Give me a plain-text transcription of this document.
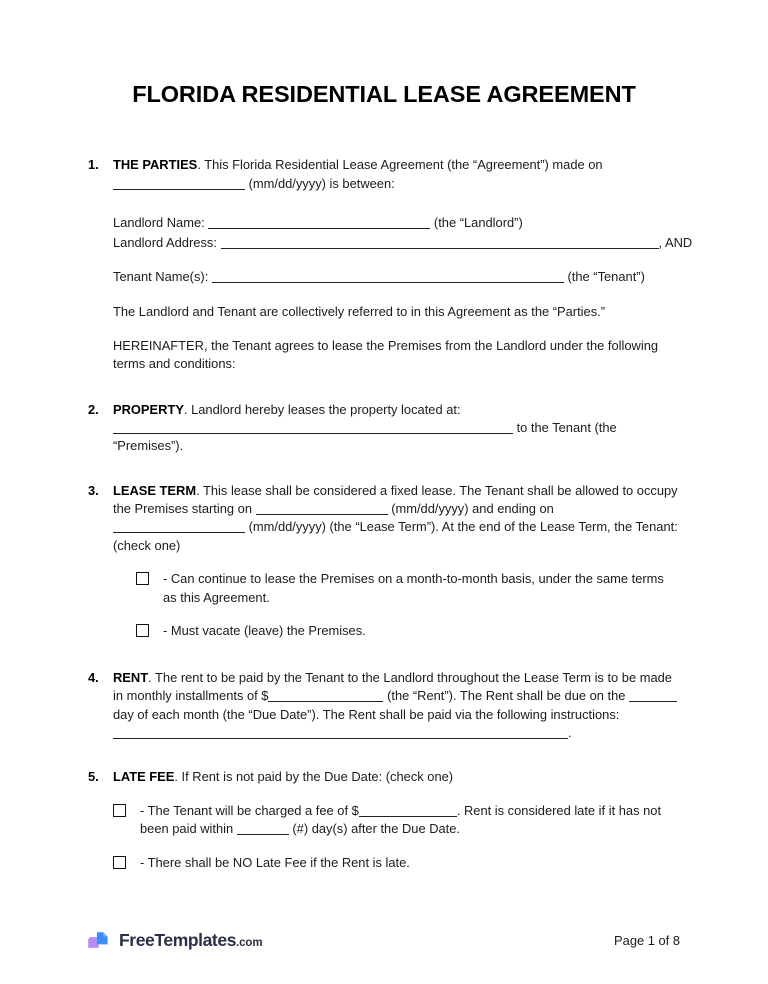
FLORIDA RESIDENTIAL LEASE AGREEMENT
1. THE PARTIES. This Florida Residential Lease Agreement (the “Agreement”) made on
(mm/dd/yyyy) is between:

Landlord Name:	(the “Landlord”)
Landlord Address:	, AND
Tenant Name(s):	(the “Tenant”)

The Landlord and Tenant are collectively referred to in this Agreement as the “Parties.”

HEREINAFTER, the Tenant agrees to lease the Premises from the Landlord under the following terms and conditions:

2. PROPERTY. Landlord hereby leases the property located at:
to the Tenant (the “Premises”).

3. LEASE TERM. This lease shall be considered a fixed lease. The Tenant shall be allowed to occupy the Premises starting on	(mm/dd/yyyy) and ending on
(mm/dd/yyyy) (the “Lease Term”). At the end of the Lease Term, the Tenant: (check one)

- Can continue to lease the Premises on a month-to-month basis, under the same terms as this Agreement.
- Must vacate (leave) the Premises.
4. RENT. The rent to be paid by the Tenant to the Landlord throughout the Lease Term is to be made in monthly installments of $	(the “Rent”). The Rent shall be due on the  day of each month (the “Due Date”). The Rent shall be paid via the following instructions: .

5. LATE FEE. If Rent is not paid by the Due Date: (check one)

- The Tenant will be charged a fee of $	. Rent is considered late if it has not been paid within	(#) day(s) after the Due Date.
- There shall be NO Late Fee if the Rent is late.
FreeTemplates.com	Page 1 of 8
